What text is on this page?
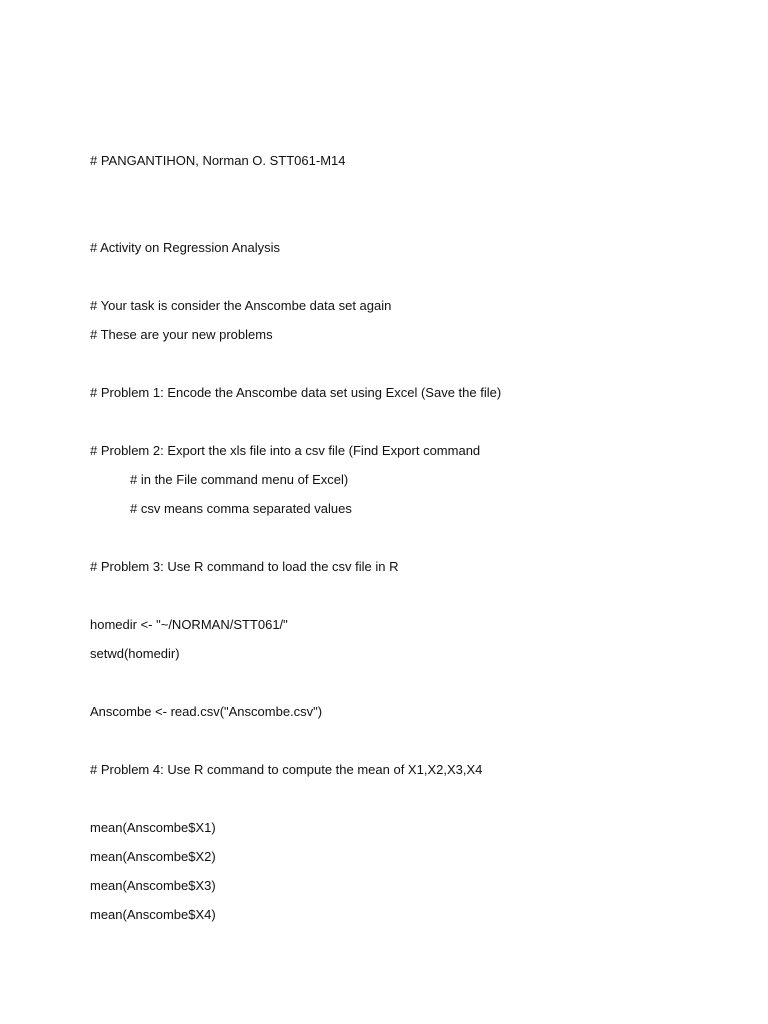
# PANGANTIHON, Norman O. STT061-M14
# Activity on Regression Analysis
# Your task is consider the Anscombe data set again
# These are your new problems
# Problem 1: Encode the Anscombe data set using Excel (Save the file)
# Problem 2: Export the xls file into a csv file (Find Export command
# in the File command menu of Excel)
# csv means comma separated values
# Problem 3: Use R command to load the csv file in R
homedir <- "~/NORMAN/STT061/"
setwd(homedir)
Anscombe <- read.csv("Anscombe.csv")
# Problem 4: Use R command to compute the mean of X1,X2,X3,X4
mean(Anscombe$X1)
mean(Anscombe$X2)
mean(Anscombe$X3)
mean(Anscombe$X4)
